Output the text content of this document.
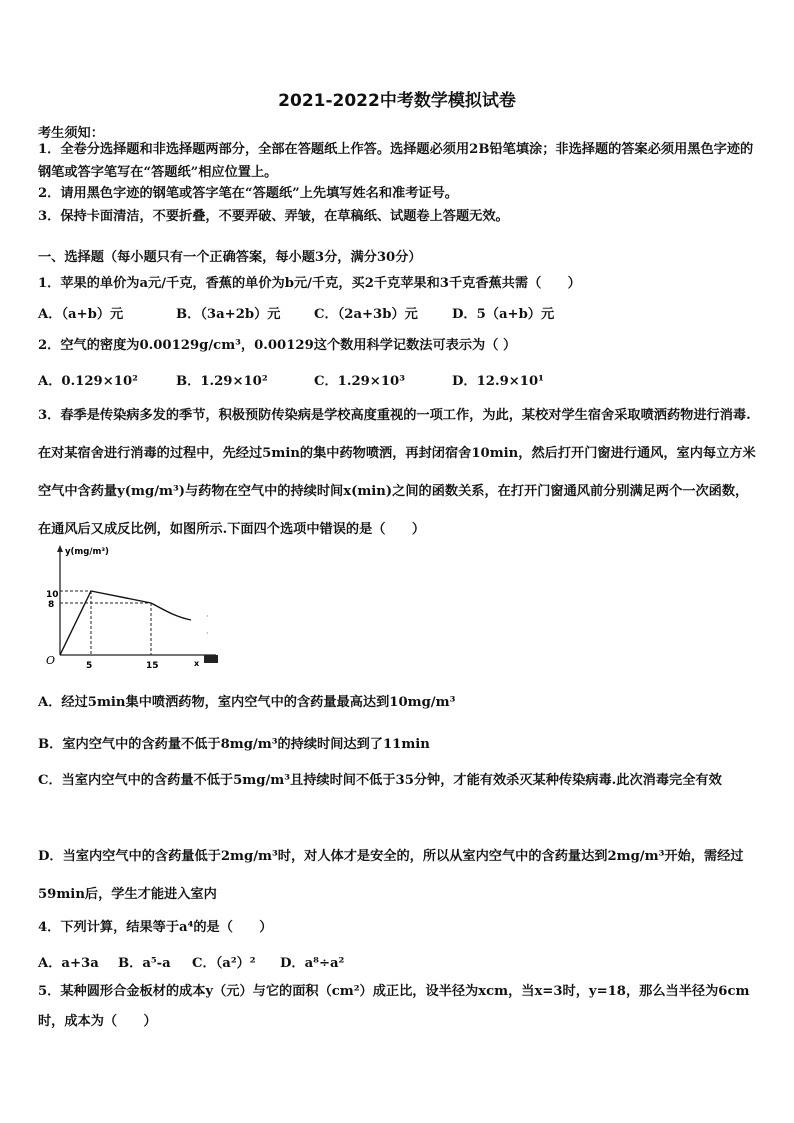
2021-2022中考数学模拟试卷
考生须知：
1．全卷分选择题和非选择题两部分，全部在答题纸上作答。选择题必须用2B铅笔填涂；非选择题的答案必须用黑色字迹的钢笔或答字笔写在“答题纸”相应位置上。
2．请用黑色字迹的钢笔或答字笔在“答题纸”上先填写姓名和准考证号。
3．保持卡面清洁，不要折叠，不要弄破、弄皱，在草稿纸、试题卷上答题无效。
一、选择题（每小题只有一个正确答案，每小题3分，满分30分）
1．苹果的单价为a元/千克，香蕉的单价为b元/千克，买2千克苹果和3千克香蕉共需（　　）
A．（a+b）元	B．（3a+2b）元	C．（2a+3b）元	D．5（a+b）元
2．空气的密度为0.00129g/cm³，0.00129这个数用科学记数法可表示为（ ）
A．0.129×10²	B．1.29×10²	C．1.29×10³	D．12.9×10¹
3．春季是传染病多发的季节，积极预防传染病是学校高度重视的一项工作，为此，某校对学生宿舍采取喷洒药物进行消毒.在对某宿舍进行消毒的过程中，先经过5min的集中药物喷洒，再封闭宿舍10min，然后打开门窗进行通风，室内每立方米空气中含药量y(mg/m³)与药物在空气中的持续时间x(min)之间的函数关系，在打开门窗通风前分别满足两个一次函数，在通风后又成反比例，如图所示.下面四个选项中错误的是（　　）
y(mg/m³)
O
10
8
5	15
·
·
x
A．经过5min集中喷洒药物，室内空气中的含药量最高达到10mg/m³
B．室内空气中的含药量不低于8mg/m³的持续时间达到了11min
C．当室内空气中的含药量不低于5mg/m³且持续时间不低于35分钟，才能有效杀灭某种传染病毒.此次消毒完全有效
D．当室内空气中的含药量低于2mg/m³时，对人体才是安全的，所以从室内空气中的含药量达到2mg/m³开始，需经过59min后，学生才能进入室内
4．下列计算，结果等于a⁴的是（　　）
A．a+3a B．a⁵-a C．（a²）² D．a⁸÷a²
5．某种圆形合金板材的成本y（元）与它的面积（cm²）成正比，设半径为xcm，当x=3时，y=18，那么当半径为6cm时，成本为（　　）
